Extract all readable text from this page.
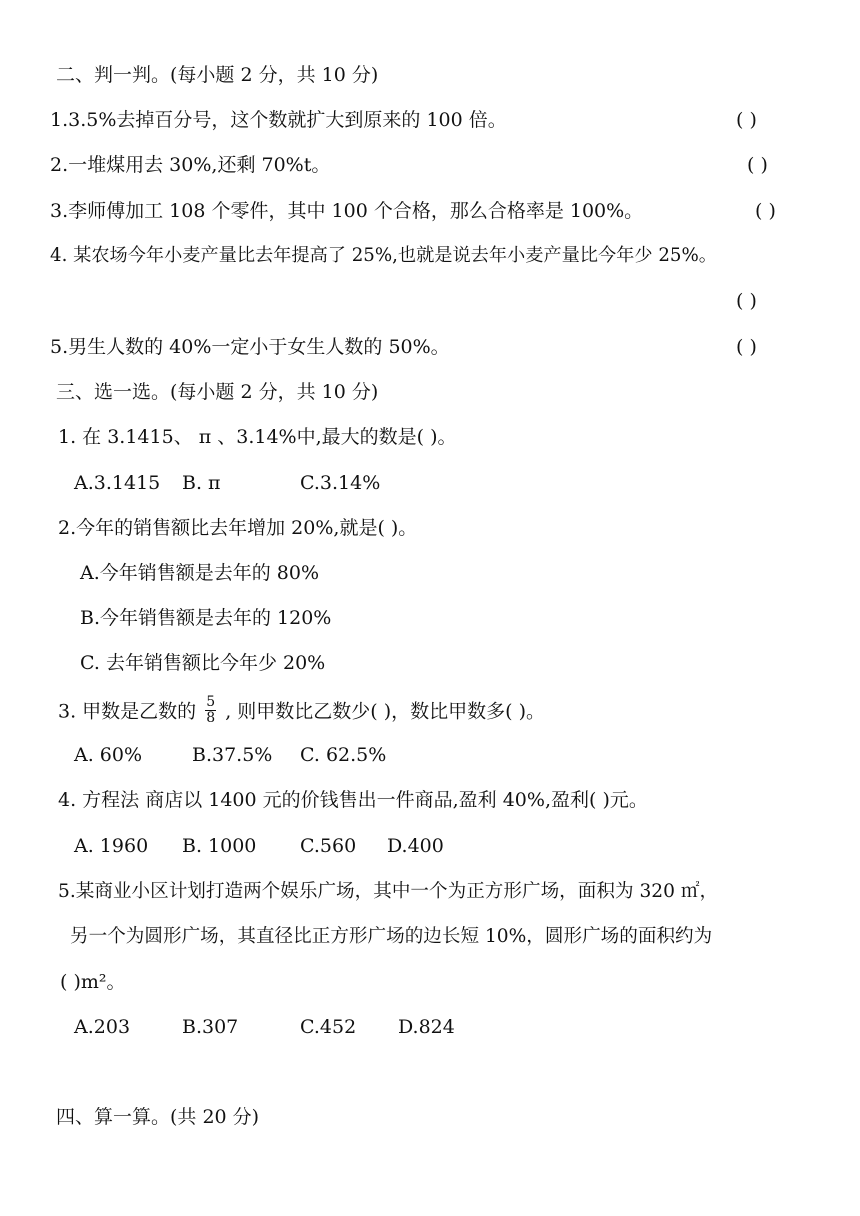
二、判一判。(每小题 2 分，共 10 分)
1.3.5%去掉百分号，这个数就扩大到原来的 100 倍。	( )
2.一堆煤用去 30%,还剩 70%t。	( )
3.李师傅加工 108 个零件，其中 100 个合格，那么合格率是 100%。	( )
4. 某农场今年小麦产量比去年提高了 25%,也就是说去年小麦产量比今年少 25%。
( )
5.男生人数的 40%一定小于女生人数的 50%。	( )
三、选一选。(每小题 2 分，共 10 分)
1. 在 3.1415、 π 、3.14%中,最大的数是( )。
A.3.1415 B. π	C.3.14%
2.今年的销售额比去年增加 20%,就是( )。
A.今年销售额是去年的 80%
B.今年销售额是去年的 120%
C. 去年销售额比今年少 20%
3. 甲数是乙数的 $\frac{5}{8}$ , 则甲数比乙数少( )，数比甲数多( )。
A. 60%	B.37.5% C. 62.5%
4. 方程法 商店以 1400 元的价钱售出一件商品,盈利 40%,盈利( )元。
A. 1960 B. 1000 C.560 D.400
5.某商业小区计划打造两个娱乐广场，其中一个为正方形广场，面积为 320 ㎡，
另一个为圆形广场，其直径比正方形广场的边长短 10%，圆形广场的面积约为
( )m²。
A.203	B.307	C.452 D.824
四、算一算。(共 20 分)
